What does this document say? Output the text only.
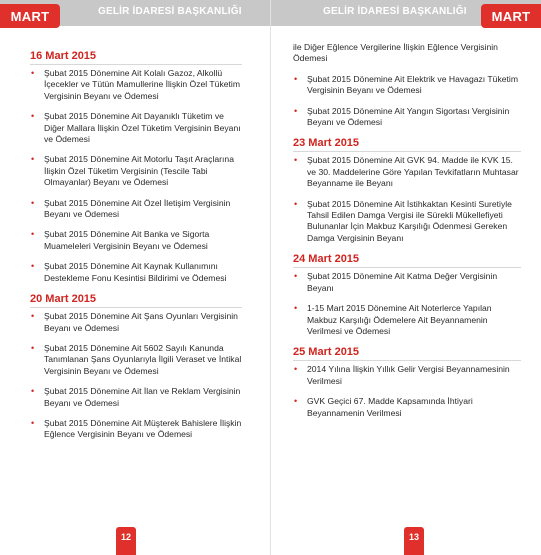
MART	GELİR İDARESİ BAŞKANLIĞI
16 Mart 2015
• Şubat 2015 Dönemine Ait Kolalı Gazoz, Alkollü İçecekler ve Tütün Mamullerine İlişkin Özel Tüketim Vergisinin Beyanı ve Ödemesi
• Şubat 2015 Dönemine Ait Dayanıklı Tüketim ve Diğer Mallara İlişkin Özel Tüketim Vergisinin Beyanı ve Ödemesi
• Şubat 2015 Dönemine Ait Motorlu Taşıt Araçlarına İlişkin Özel Tüketim Vergisinin (Tescile Tabi Olmayanlar) Beyanı ve Ödemesi
• Şubat 2015 Dönemine Ait Özel İletişim Vergisinin Beyanı ve Ödemesi
• Şubat 2015 Dönemine Ait Banka ve Sigorta Muameleleri Vergisinin Beyanı ve Ödemesi
• Şubat 2015 Dönemine Ait Kaynak Kullanımını Destekleme Fonu Kesintisi Bildirimi ve Ödemesi
20 Mart 2015
• Şubat 2015 Dönemine Ait Şans Oyunları Vergisinin Beyanı ve Ödemesi
• Şubat 2015 Dönemine Ait 5602 Sayılı Kanunda Tanımlanan Şans Oyunlarıyla İlgili Veraset ve İntikal Vergisinin Beyanı ve Ödemesi
• Şubat 2015 Dönemine Ait İlan ve Reklam Vergisinin Beyanı ve Ödemesi
• Şubat 2015 Dönemine Ait Müşterek Bahislere İlişkin Eğlence Vergisinin Beyanı ve Ödemesi
12
GELİR İDARESİ BAŞKANLIĞI	MART
ile Diğer Eğlence Vergilerine İlişkin Eğlence Vergisinin Ödemesi
• Şubat 2015 Dönemine Ait Elektrik ve Havagazı Tüketim Vergisinin Beyanı ve Ödemesi
• Şubat 2015 Dönemine Ait Yangın Sigortası Vergisinin Beyanı ve Ödemesi
23 Mart 2015
• Şubat 2015 Dönemine Ait GVK 94. Madde ile KVK 15. ve 30. Maddelerine Göre Yapılan Tevkifatların Muhtasar Beyanname ile Beyanı
• Şubat 2015 Dönemine Ait İstihkaktan Kesinti Suretiyle Tahsil Edilen Damga Vergisi ile Sürekli Mükellefiyeti Bulunanlar İçin Makbuz Karşılığı Ödenmesi Gereken Damga Vergisinin Beyanı
24 Mart 2015
• Şubat 2015 Dönemine Ait Katma Değer Vergisinin Beyanı
• 1-15 Mart 2015 Dönemine Ait Noterlerce Yapılan Makbuz Karşılığı Ödemelere Ait Beyannamenin Verilmesi ve Ödemesi
25 Mart 2015
• 2014 Yılına İlişkin Yıllık Gelir Vergisi Beyannamesinin Verilmesi
• GVK Geçici 67. Madde Kapsamında İhtiyari Beyannamenin Verilmesi
13
